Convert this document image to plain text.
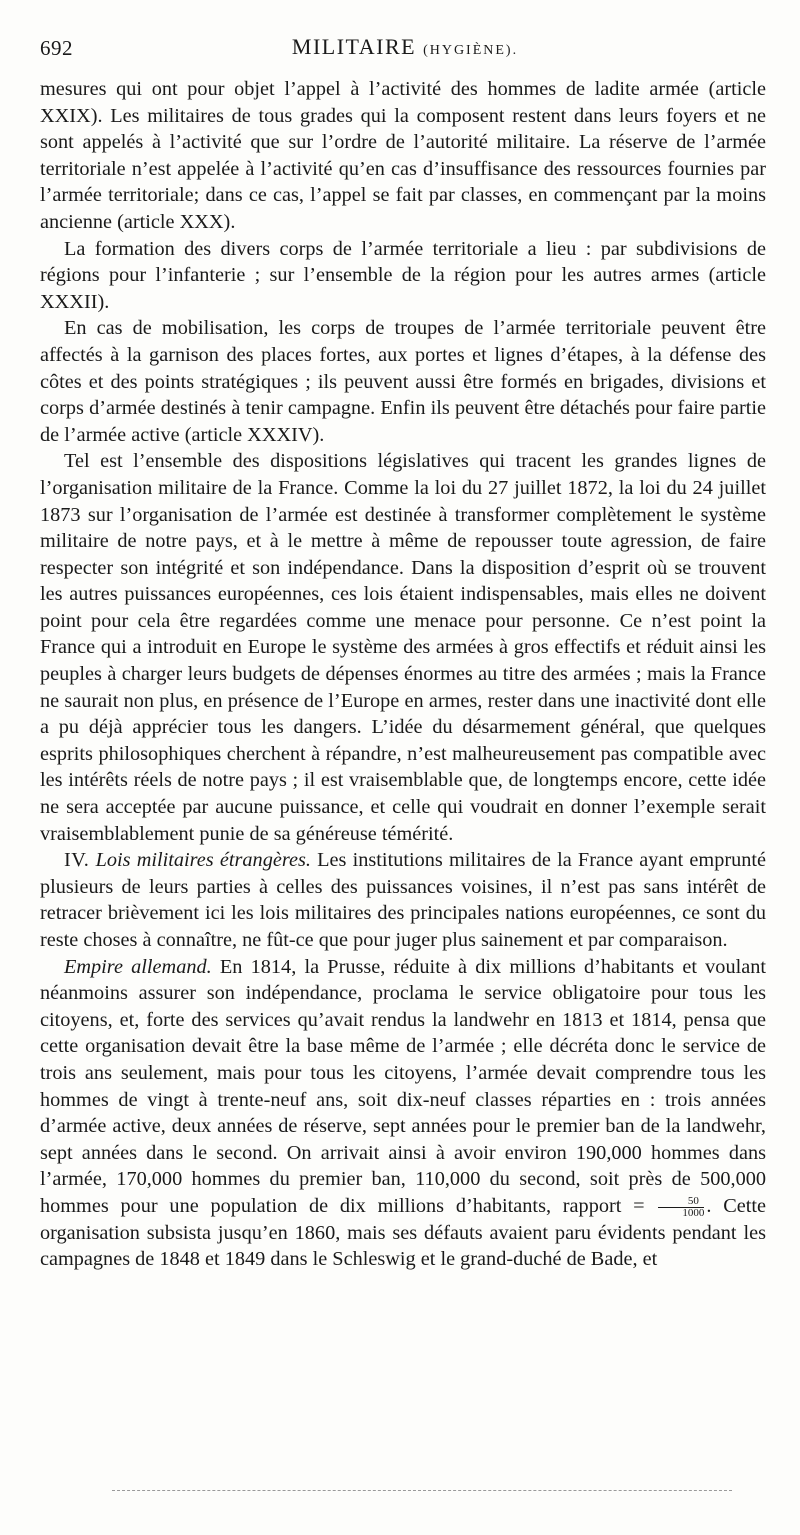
692	MILITAIRE (HYGIÈNE).

mesures qui ont pour objet l’appel à l’activité des hommes de ladite armée (article XXIX). Les militaires de tous grades qui la composent restent dans leurs foyers et ne sont appelés à l’activité que sur l’ordre de l’autorité militaire. La réserve de l’armée territoriale n’est appelée à l’activité qu’en cas d’insuffisance des ressources fournies par l’armée territoriale; dans ce cas, l’appel se fait par classes, en commençant par la moins ancienne (article XXX).

La formation des divers corps de l’armée territoriale a lieu : par subdivisions de régions pour l’infanterie ; sur l’ensemble de la région pour les autres armes (article XXXII).

En cas de mobilisation, les corps de troupes de l’armée territoriale peuvent être affectés à la garnison des places fortes, aux portes et lignes d’étapes, à la défense des côtes et des points stratégiques ; ils peuvent aussi être formés en brigades, divisions et corps d’armée destinés à tenir campagne. Enfin ils peuvent être détachés pour faire partie de l’armée active (article XXXIV).

Tel est l’ensemble des dispositions législatives qui tracent les grandes lignes de l’organisation militaire de la France. Comme la loi du 27 juillet 1872, la loi du 24 juillet 1873 sur l’organisation de l’armée est destinée à transformer complètement le système militaire de notre pays, et à le mettre à même de repousser toute agression, de faire respecter son intégrité et son indépendance. Dans la disposition d’esprit où se trouvent les autres puissances européennes, ces lois étaient indispensables, mais elles ne doivent point pour cela être regardées comme une menace pour personne. Ce n’est point la France qui a introduit en Europe le système des armées à gros effectifs et réduit ainsi les peuples à charger leurs budgets de dépenses énormes au titre des armées ; mais la France ne saurait non plus, en présence de l’Europe en armes, rester dans une inactivité dont elle a pu déjà apprécier tous les dangers. L’idée du désarmement général, que quelques esprits philosophiques cherchent à répandre, n’est malheureusement pas compatible avec les intérêts réels de notre pays ; il est vraisemblable que, de longtemps encore, cette idée ne sera acceptée par aucune puissance, et celle qui voudrait en donner l’exemple serait vraisemblablement punie de sa généreuse témérité.

IV. Lois militaires étrangères. Les institutions militaires de la France ayant emprunté plusieurs de leurs parties à celles des puissances voisines, il n’est pas sans intérêt de retracer brièvement ici les lois militaires des principales nations européennes, ce sont du reste choses à connaître, ne fût-ce que pour juger plus sainement et par comparaison.

Empire allemand. En 1814, la Prusse, réduite à dix millions d’habitants et voulant néanmoins assurer son indépendance, proclama le service obligatoire pour tous les citoyens, et, forte des services qu’avait rendus la landwehr en 1813 et 1814, pensa que cette organisation devait être la base même de l’armée ; elle décréta donc le service de trois ans seulement, mais pour tous les citoyens, l’armée devait comprendre tous les hommes de vingt à trente-neuf ans, soit dix-neuf classes réparties en : trois années d’armée active, deux années de réserve, sept années pour le premier ban de la landwehr, sept années dans le second. On arrivait ainsi à avoir environ 190,000 hommes dans l’armée, 170,000 hommes du premier ban, 110,000 du second, soit près de 500,000 hommes pour une population de dix millions d’habitants, rapport = $\frac{50}{1000}$ . Cette organisation subsista jusqu’en 1860, mais ses défauts avaient paru évidents pendant les campagnes de 1848 et 1849 dans le Schleswig et le grand-duché de Bade, et
